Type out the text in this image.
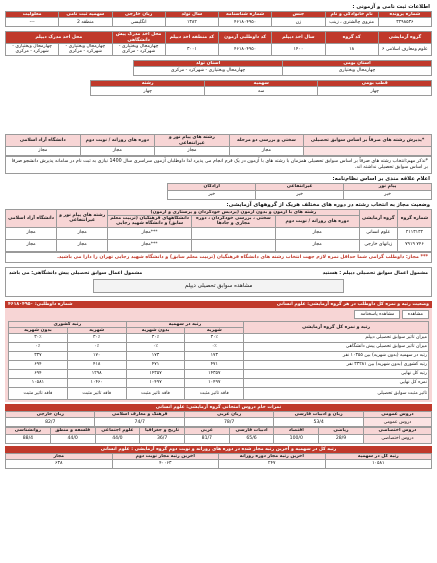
اطلاعات ثبت نامی و آزمونی :
شماره پرونده	نام خانوادگی و نام	جنس	شماره شناسنامه	سال تولد	زبان خارجی	سهمیه ثبت نامی	معلولیت
۳۲۹۸۵۳۶	منزوی چالشتری ، زینب	زن	۴۶۱۸۰۴۹۵۰	۱۳۸۲	انگلیسی	منطقه 2	---
گروه آزمایشی	کد گروه	سال اخذ دیپلم	کد داوطلبی آزمون	کد منطقه اخذ دیپلم	محل اخذ مدرک پیش دانشگاهی	محل اخذ مدرک دیپلم	
علوم ومعارف اسلامی ۶	۱۸	۱۴۰۰	۴۶۱۸۰۴۹۵۰	۳۰۰۱	چهارمحال وبختیاری - شهرکرد - مرکزی	چهارمحال وبختیاری - شهرکرد - مرکزی	چهارمحال وبختیاری - شهرکرد - مرکزی
استان بومی	استان تولد
چهارمحال وبختیاری	چهارمحال وبختیاری - شهرکرد - مرکزی
قطب بومی	سهمیه	رشته
چهار	سه	چهار
*پذیرش رشته های صرفاً بر اساس سوابق تحصیلی	سختی و بررسی دو مرحله	رشته های پیام نور و غیرانتفاعی	دوره های روزانه / نوبت دوم	دانشگاه آزاد اسلامی
	مجاز	مجاز	مجاز	مجاز
*تذکر مهم:انتخاب رشته های صرفاً بر اساس سوابق تحصیلی همزمان با رشته های با آزمون در یک فرم انجام می پذیرد لذا داوطلبان آزمون سراسری سال 1400 نیازی به ثبت نام در سامانه پذیرش دانشجو صرفا بر اساس سوابق تحصیلی نداشته اند.
اعلام علاقه مندی بر اساس نظام‌نامه:
پیام نور	غیرانتفاعی	آزادگان
خیر	خیر	خیر
وضعیت مجاز به انتخاب رشته در دوره های مختلف هریک از گروههای آزمایشی:
شماره گروه	گروه آزمایشی	رشته های با آزمون و بدون آزمون (پردیس خودگردان و پرستاری و آزمون)			رشته های پیام نور و غیرانتفاعی	دانشگاه آزاد اسلامی
		دوره های روزانه / نوبت دوم	سختی ، بررسی خودگردان ، دوره مجازی و جادها	دانشگاههای فرهنگیان (تربیت معلم سابق) و دانشگاه شهید رجایی		
۲۱۱۳۱۳۲	علوم انسانی	مجاز		***مجاز	مجاز	مجاز
۷۴۶ ۷۹۱۹	زبانهای خارجی	مجاز		***مجاز	مجاز	مجاز
*** مجاز: داوطلب گرامی شما حداقل نمره لازم جهت انتخاب رشته های دانشگاه فرهنگیان (تربیت معلم سابق) و دانشگاه شهید رجایی تهران را دارا می باشید.
مشمول اعمال سوابق تحصیلی دیپلم : هستید
مشمول اعمال سوابق تحصیلی پیش دانشگاهی: می باشد
مشاهده سوابق تحصیلی دیپلم
وضعیت رتبه و نمره کل داوطلب در هر گروه آزمایشی: علوم انسانی
شماره داوطلبی: ۴۶۱۸۰۴۹۵۰
مشاهده مشاهده پاسخنامه
رتبه و نمره کل گروه آزمایشی	رتبه در سهمیه		رتبه کشوری	
	شهریه	بدون شهریه	شهریه	بدون شهریه
میزان تاثیر سوابق تحصیلی دیپلم	۳۰٪	۳۰٪	۳۰٪	۳۰٪
میزان تاثیر سوابق تحصیلی پیش دانشگاهی	۰٪	۰٪	۰٪	۰٪
رتبه در سهمیه (بدون شهریه) بین ۱۰۳۵۵ نفر	۱۷۳	۱۷۳	۱۷۰	۳۳۷
رتبه کشوری (بدون شهریه) بین ۳۳۲۸۱ نفر	۴۷۱	۴۷۱	۴۱۸	۶۹۴
رتبه کل نهایی	۱۴۳۵۷	۱۴۳۵۷	۱۲۹۸	۶۹۴
نمره کل نهایی	۱۰۴۹۷	۱۰۴۹۷	۱۰۴۶۰	۱۰۵۸۱
تاثیر مثبت سوابق تحصیلی	فاقد تاثیر مثبت	فاقد تاثیر مثبت	فاقد تاثیر مثبت	فاقد تاثیر مثبت
نمرات خام دروس امتحانی گروه آزمایشی: علوم انسانی
دروس عمومی	زبان و ادبیات فارسی	زبان عربی	فرهنگ و معارف اسلامی	زبان خارجی
دروس عمومی	53/4	78/7	74/7	82/7
دروس اختصاصی	ریاضی	اقتصاد	ادبیات فارسی	عربی	تاریخ و جغرافیا	علوم اجتماعی	فلسفه و منطق	روانشناسی
دروس اختصاصی	28/9	100/0	65/6	81/7	36/7	44/0	44/0	88/4
رتبه کل در سهمیه و آخرین رتبه مجاز شده در دوره های روزانه و نوبت دوم گروه آزمایشی : علوم انسانی
رتبه کل در سهمیه	آخرین رتبه مجاز دوره روزانه	آخرین رتبه مجاز نوبت دوم	مجاز
۱۰۵۸۱	۲۴۷	۴۰۰۶۳	۶۳۸
